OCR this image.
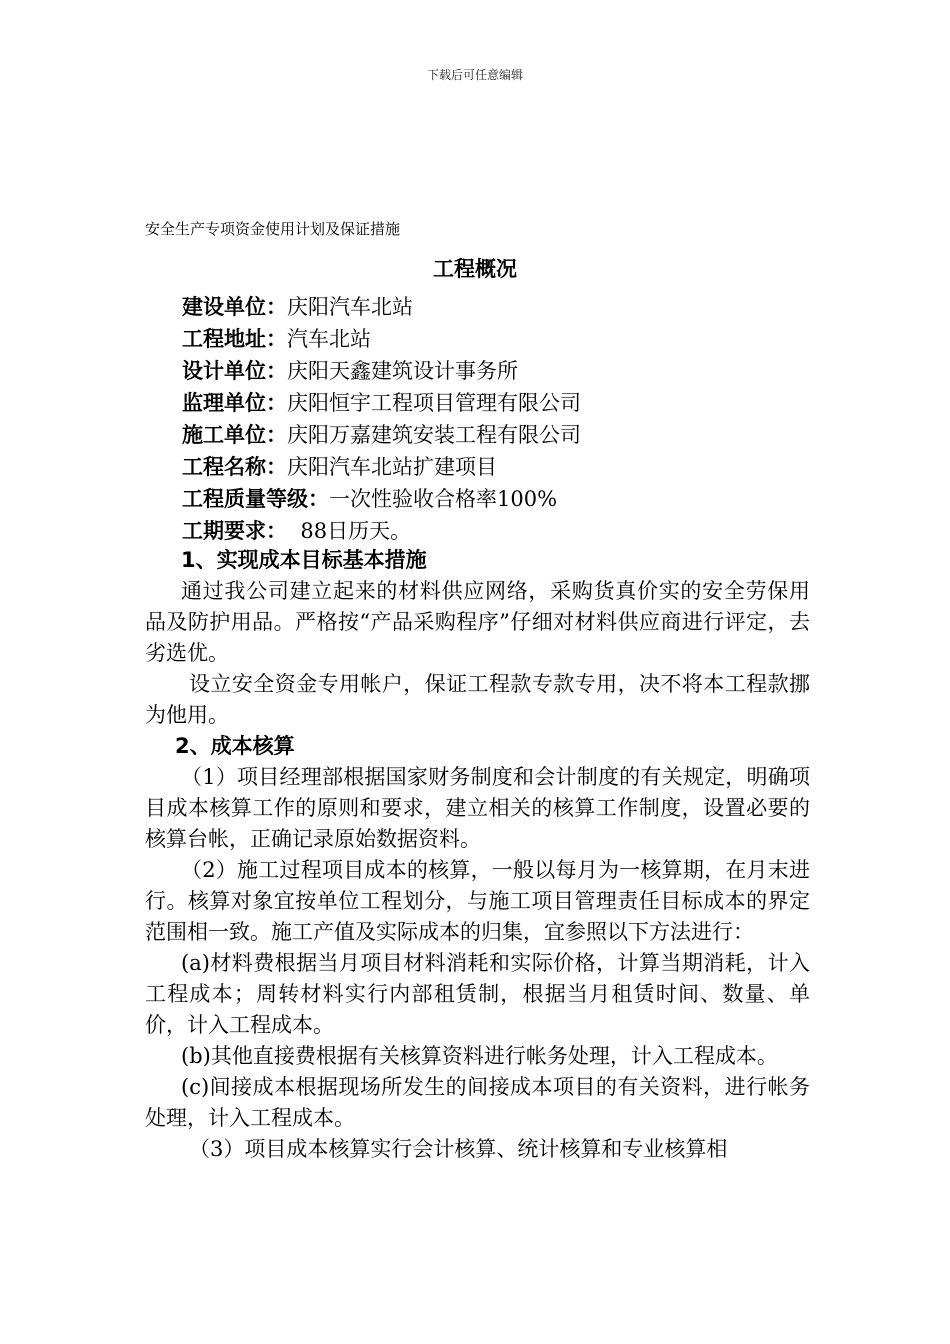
下载后可任意编辑
安全生产专项资金使用计划及保证措施
工程概况
建设单位：庆阳汽车北站
工程地址：汽车北站
设计单位：庆阳天鑫建筑设计事务所
监理单位：庆阳恒宇工程项目管理有限公司
施工单位：庆阳万嘉建筑安装工程有限公司
工程名称：庆阳汽车北站扩建项目
工程质量等级：一次性验收合格率100%
工期要求：  88日历天。

1、实现成本目标基本措施

通过我公司建立起来的材料供应网络，采购货真价实的安全劳保用品及防护用品。严格按“产品采购程序”仔细对材料供应商进行评定，去劣选优。

设立安全资金专用帐户，保证工程款专款专用，决不将本工程款挪为他用。

2、成本核算

（1）项目经理部根据国家财务制度和会计制度的有关规定，明确项目成本核算工作的原则和要求，建立相关的核算工作制度，设置必要的核算台帐，正确记录原始数据资料。

（2）施工过程项目成本的核算，一般以每月为一核算期，在月末进行。核算对象宜按单位工程划分，与施工项目管理责任目标成本的界定范围相一致。施工产值及实际成本的归集，宜参照以下方法进行：

(a)材料费根据当月项目材料消耗和实际价格，计算当期消耗，计入工程成本；周转材料实行内部租赁制，根据当月租赁时间、数量、单价，计入工程成本。

(b)其他直接费根据有关核算资料进行帐务处理，计入工程成本。

(c)间接成本根据现场所发生的间接成本项目的有关资料，进行帐务处理，计入工程成本。

（3）项目成本核算实行会计核算、统计核算和专业核算相
